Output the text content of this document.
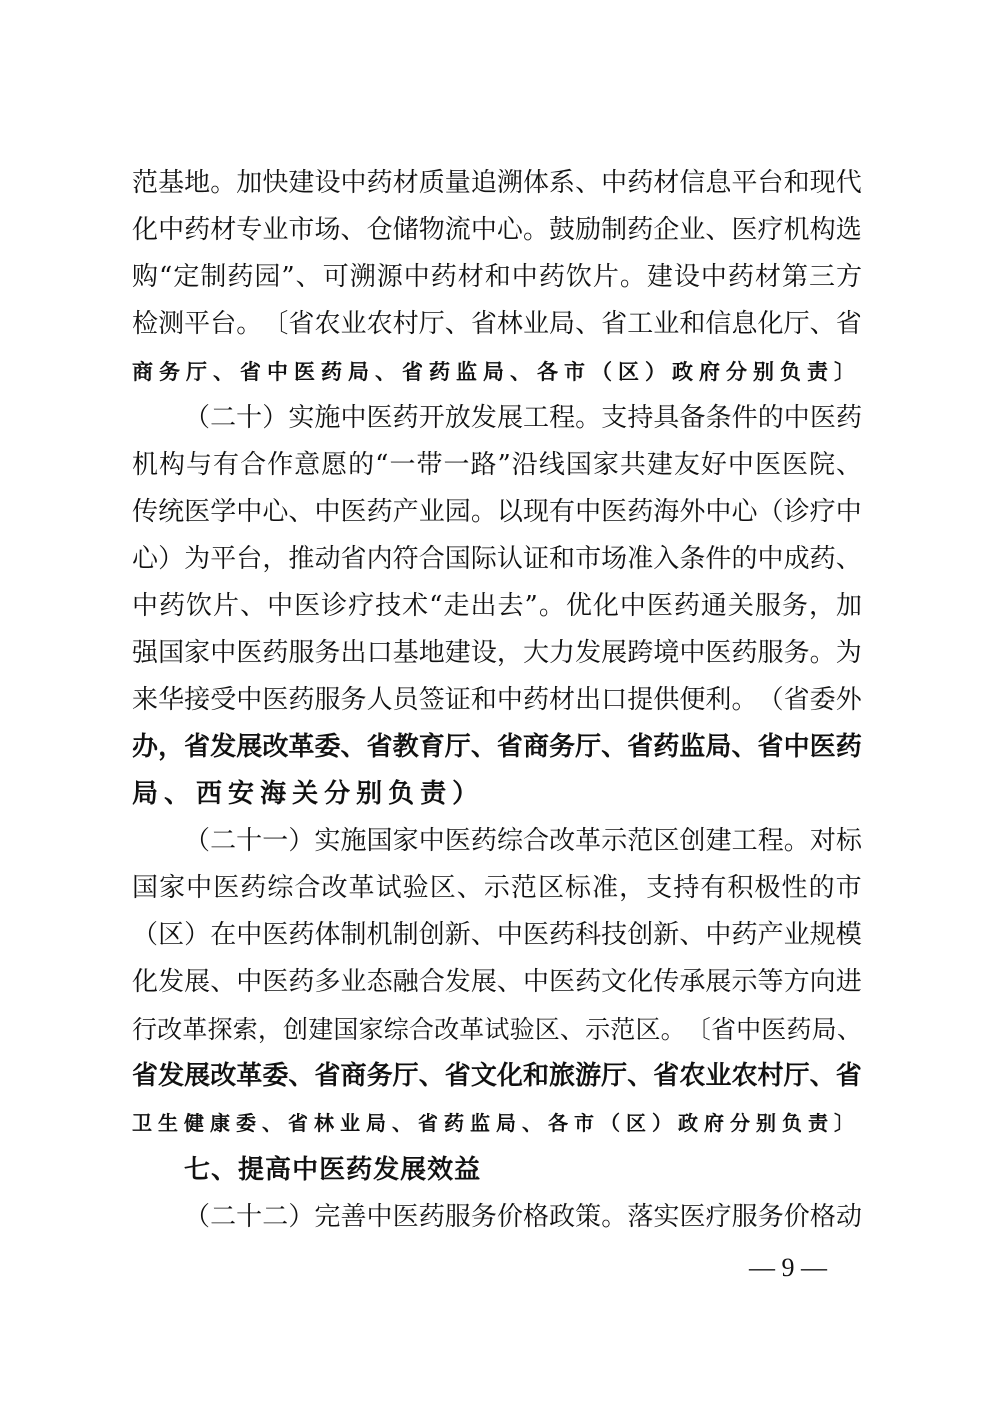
范 基 地 。 加 快 建 设 中 药 材 质 量 追 溯 体 系 、 中 药 材 信 息 平 台 和 现 代
化 中 药 材 专 业 市 场 、 仓 储 物 流 中 心 。 鼓 励 制 药 企 业 、 医 疗 机 构 选
购 “ 定 制 药 园 ” 、 可 溯 源 中 药 材 和 中 药 饮 片 。 建 设 中 药 材 第 三 方
检 测 平 台 。 〔 省 农 业 农 村 厅 、 省 林 业 局 、 省 工 业 和 信 息 化 厅 、 省
商 务 厅 、 省 中 医 药 局 、 省 药 监 局 、 各 市 （ 区 ） 政 府 分 别 负 责 〕
（ 二 十 ） 实 施 中 医 药 开 放 发 展 工 程 。 支 持 具 备 条 件 的 中 医 药
机 构 与 有 合 作 意 愿 的 “ 一 带 一 路 ” 沿 线 国 家 共 建 友 好 中 医 医 院 、
传 统 医 学 中 心 、 中 医 药 产 业 园 。 以 现 有 中 医 药 海 外 中 心 （ 诊 疗 中
心 ） 为 平 台 ， 推 动 省 内 符 合 国 际 认 证 和 市 场 准 入 条 件 的 中 成 药 、
中 药 饮 片 、 中 医 诊 疗 技 术 “ 走 出 去 ” 。 优 化 中 医 药 通 关 服 务 ， 加
强 国 家 中 医 药 服 务 出 口 基 地 建 设 ， 大 力 发 展 跨 境 中 医 药 服 务 。 为
来 华 接 受 中 医 药 服 务 人 员 签 证 和 中 药 材 出 口 提 供 便 利 。 （ 省 委 外
办 ， 省 发 展 改 革 委 、 省 教 育 厅 、 省 商 务 厅 、 省 药 监 局 、 省 中 医 药
局 、 西 安 海 关 分 别 负 责 ）
（ 二 十 一 ） 实 施 国 家 中 医 药 综 合 改 革 示 范 区 创 建 工 程 。 对 标
国 家 中 医 药 综 合 改 革 试 验 区 、 示 范 区 标 准 ， 支 持 有 积 极 性 的 市
（ 区 ） 在 中 医 药 体 制 机 制 创 新 、 中 医 药 科 技 创 新 、 中 药 产 业 规 模
化 发 展 、 中 医 药 多 业 态 融 合 发 展 、 中 医 药 文 化 传 承 展 示 等 方 向 进
行 改 革 探 索 ， 创 建 国 家 综 合 改 革 试 验 区 、 示 范 区 。 〔 省 中 医 药 局 、
省 发 展 改 革 委 、 省 商 务 厅 、 省 文 化 和 旅 游 厅 、 省 农 业 农 村 厅 、 省
卫 生 健 康 委 、 省 林 业 局 、 省 药 监 局 、 各 市 （ 区 ） 政 府 分 别 负 责 〕
七 、 提 高 中 医 药 发 展 效 益
（ 二 十 二 ） 完 善 中 医 药 服 务 价 格 政 策 。 落 实 医 疗 服 务 价 格 动
— 9 —
